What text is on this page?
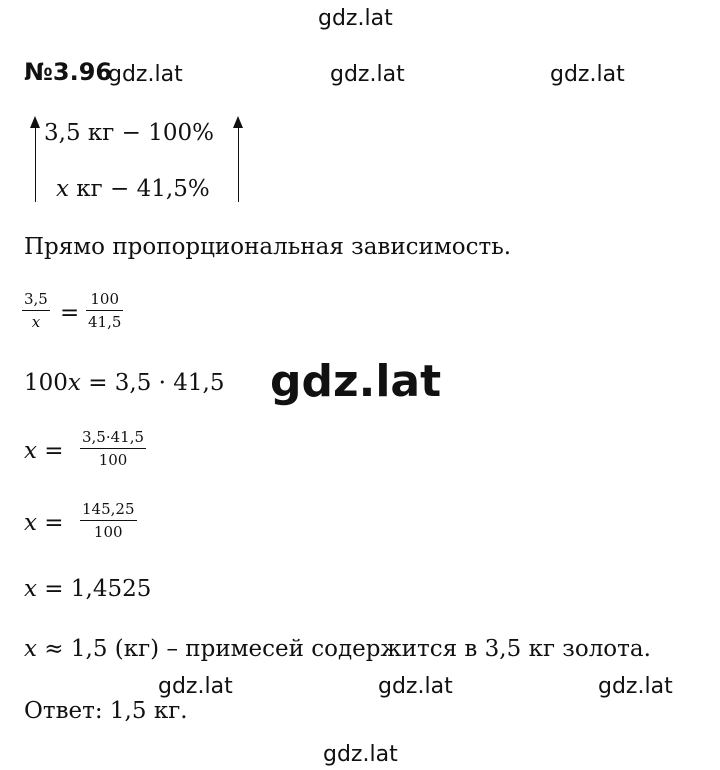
gdz.lat
№3.96
gdz.lat	gdz.lat	gdz.lat
3,5 кг − 100%
x кг − 41,5%
Прямо пропорциональная зависимость.
$\frac{3,5}{x} = \frac{100}{41,5}$
100x = 3,5 · 41,5 gdz.lat
$x = \frac{3,5\cdot 41,5}{100}$
$x = \frac{145,25}{100}$
x = 1,4525
x ≈ 1,5 (кг) – примесей содержится в 3,5 кг золота.
gdz.lat	gdz.lat	gdz.lat
Ответ: 1,5 кг.
gdz.lat
